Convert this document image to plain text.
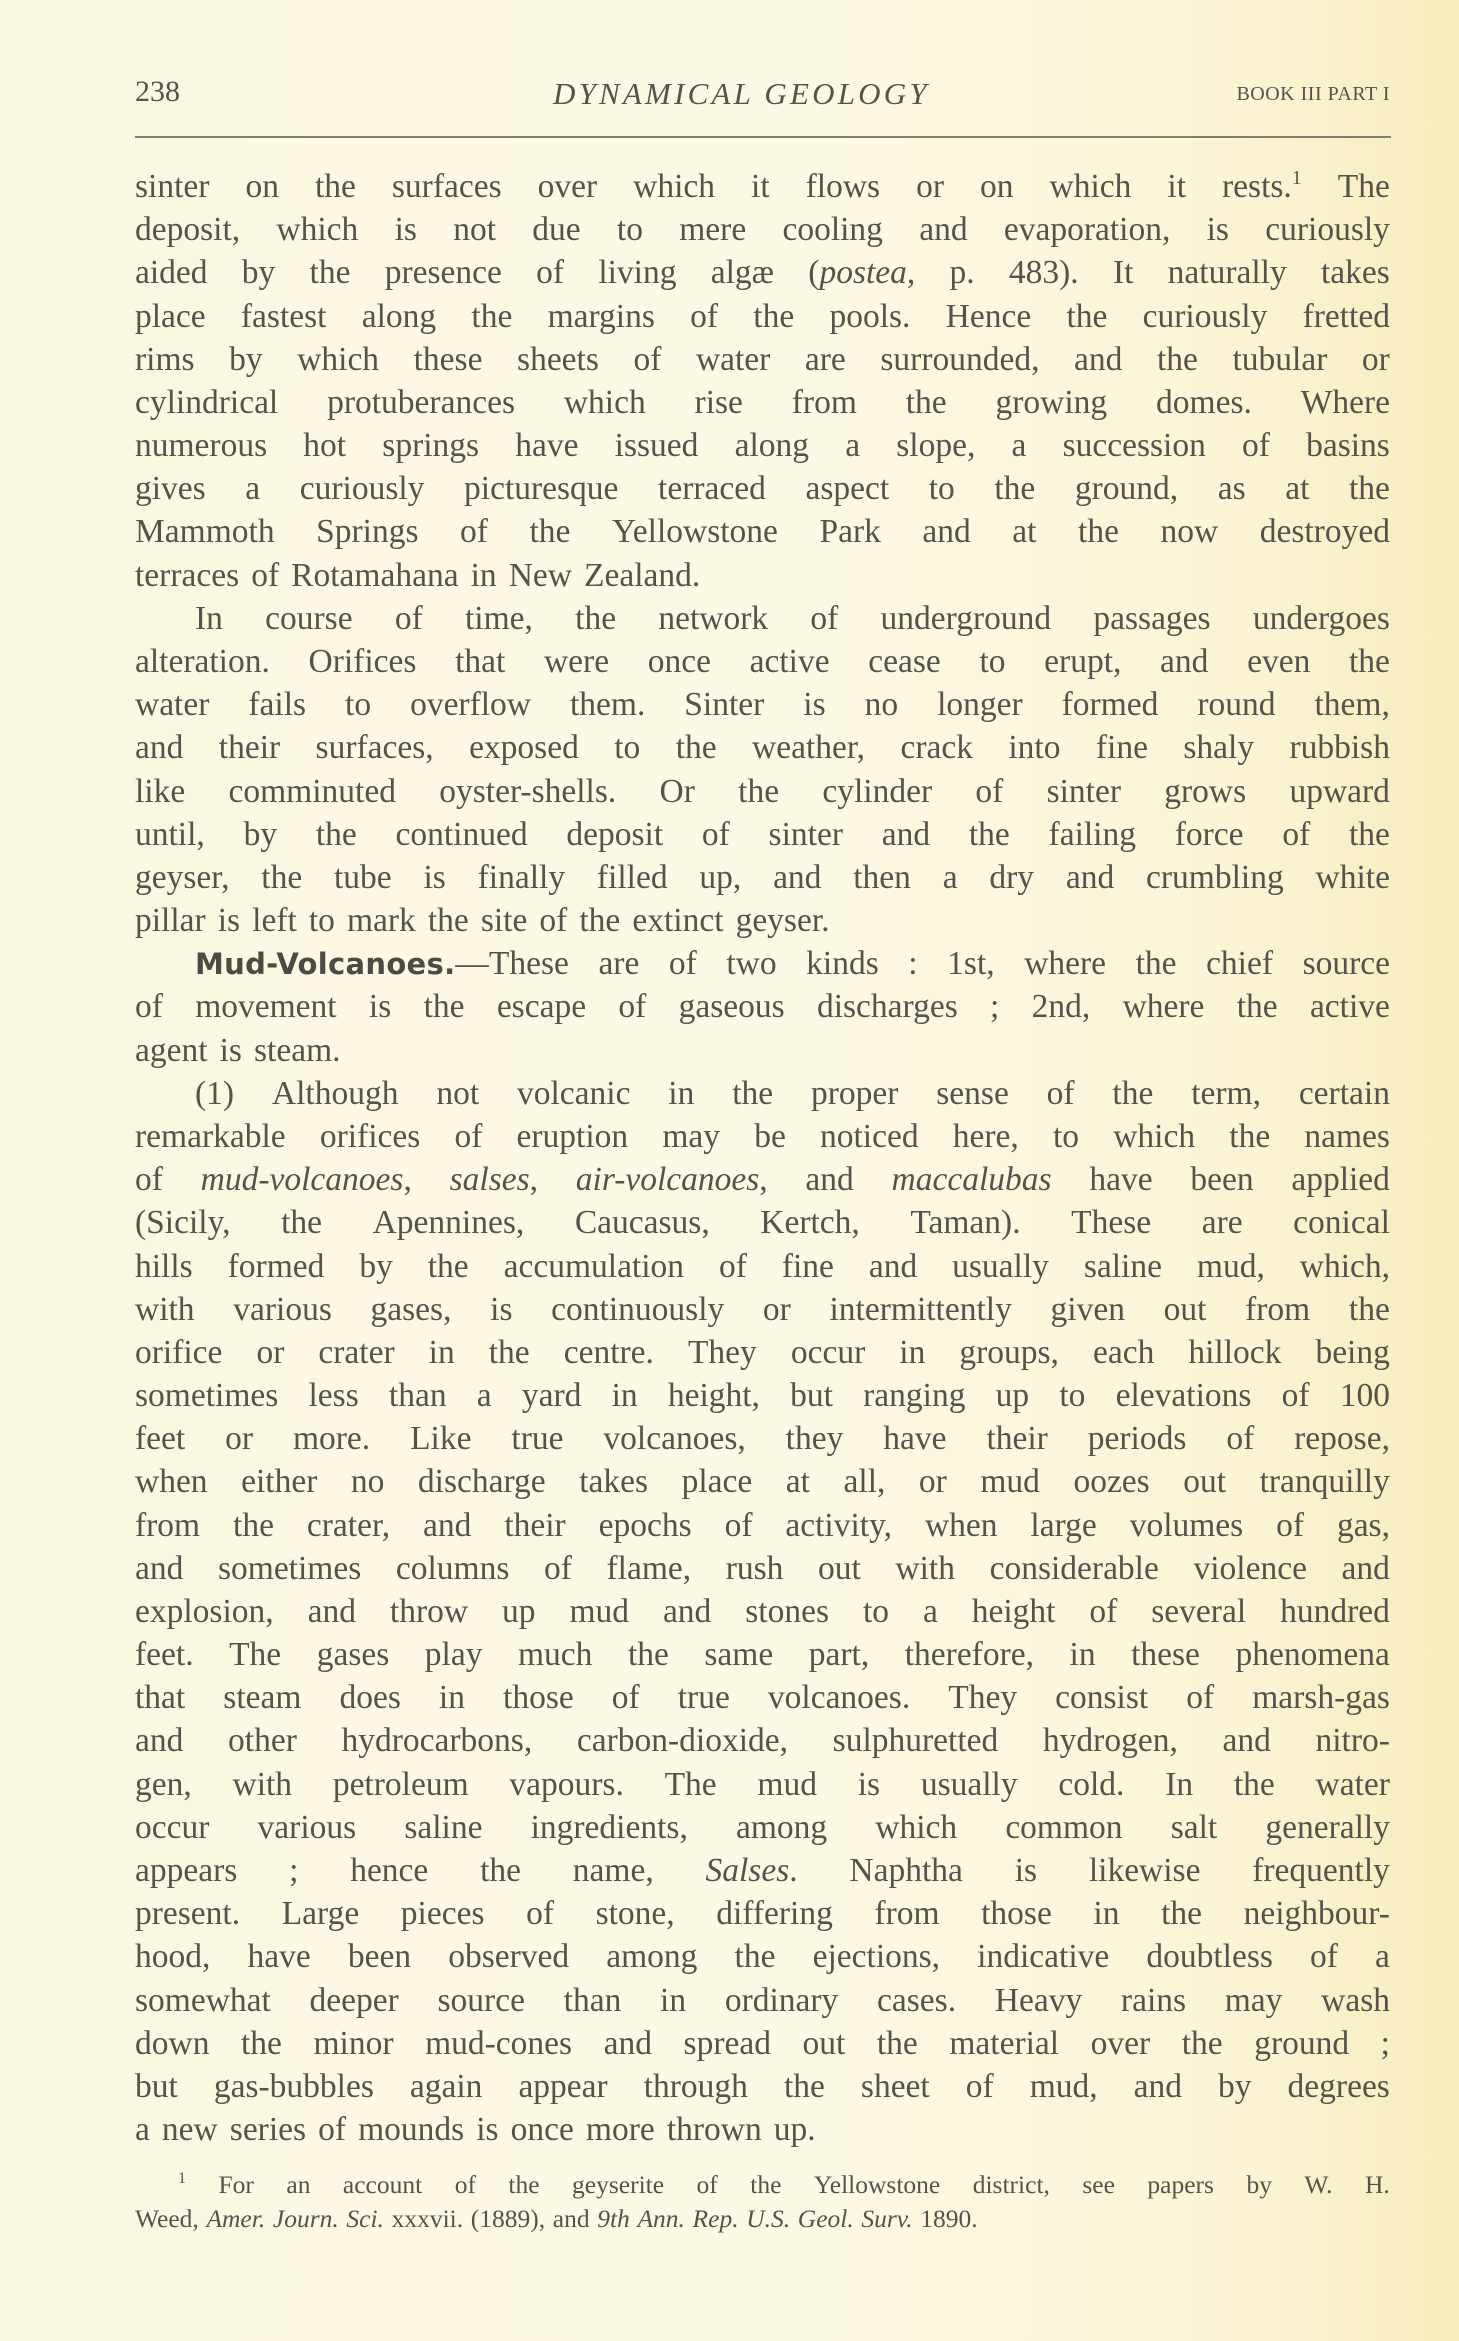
238	DYNAMICAL GEOLOGY	BOOK III PART I
sinter on the surfaces over which it flows or on which it rests.$^1$ The
deposit, which is not due to mere cooling and evaporation, is curiously
aided by the presence of living algæ (postea, p. 483). It naturally takes
place fastest along the margins of the pools. Hence the curiously fretted
rims by which these sheets of water are surrounded, and the tubular or
cylindrical protuberances which rise from the growing domes. Where
numerous hot springs have issued along a slope, a succession of basins
gives a curiously picturesque terraced aspect to the ground, as at the
Mammoth Springs of the Yellowstone Park and at the now destroyed
terraces of Rotamahana in New Zealand.
In course of time, the network of underground passages undergoes
alteration. Orifices that were once active cease to erupt, and even the
water fails to overflow them. Sinter is no longer formed round them,
and their surfaces, exposed to the weather, crack into fine shaly rubbish
like comminuted oyster-shells. Or the cylinder of sinter grows upward
until, by the continued deposit of sinter and the failing force of the
geyser, the tube is finally filled up, and then a dry and crumbling white
pillar is left to mark the site of the extinct geyser.
Mud-Volcanoes.—These are of two kinds : 1st, where the chief source
of movement is the escape of gaseous discharges ; 2nd, where the active
agent is steam.
(1) Although not volcanic in the proper sense of the term, certain
remarkable orifices of eruption may be noticed here, to which the names
of mud-volcanoes, salses, air-volcanoes, and maccalubas have been applied
(Sicily, the Apennines, Caucasus, Kertch, Taman). These are conical
hills formed by the accumulation of fine and usually saline mud, which,
with various gases, is continuously or intermittently given out from the
orifice or crater in the centre. They occur in groups, each hillock being
sometimes less than a yard in height, but ranging up to elevations of 100
feet or more. Like true volcanoes, they have their periods of repose,
when either no discharge takes place at all, or mud oozes out tranquilly
from the crater, and their epochs of activity, when large volumes of gas,
and sometimes columns of flame, rush out with considerable violence and
explosion, and throw up mud and stones to a height of several hundred
feet. The gases play much the same part, therefore, in these phenomena
that steam does in those of true volcanoes. They consist of marsh-gas
and other hydrocarbons, carbon-dioxide, sulphuretted hydrogen, and nitro-
gen, with petroleum vapours. The mud is usually cold. In the water
occur various saline ingredients, among which common salt generally
appears ; hence the name, Salses. Naphtha is likewise frequently
present. Large pieces of stone, differing from those in the neighbour-
hood, have been observed among the ejections, indicative doubtless of a
somewhat deeper source than in ordinary cases. Heavy rains may wash
down the minor mud-cones and spread out the material over the ground ;
but gas-bubbles again appear through the sheet of mud, and by degrees
a new series of mounds is once more thrown up.
$^1$ For an account of the geyserite of the Yellowstone district, see papers by W. H.
Weed, Amer. Journ. Sci. xxxvii. (1889), and 9th Ann. Rep. U.S. Geol. Surv. 1890.
